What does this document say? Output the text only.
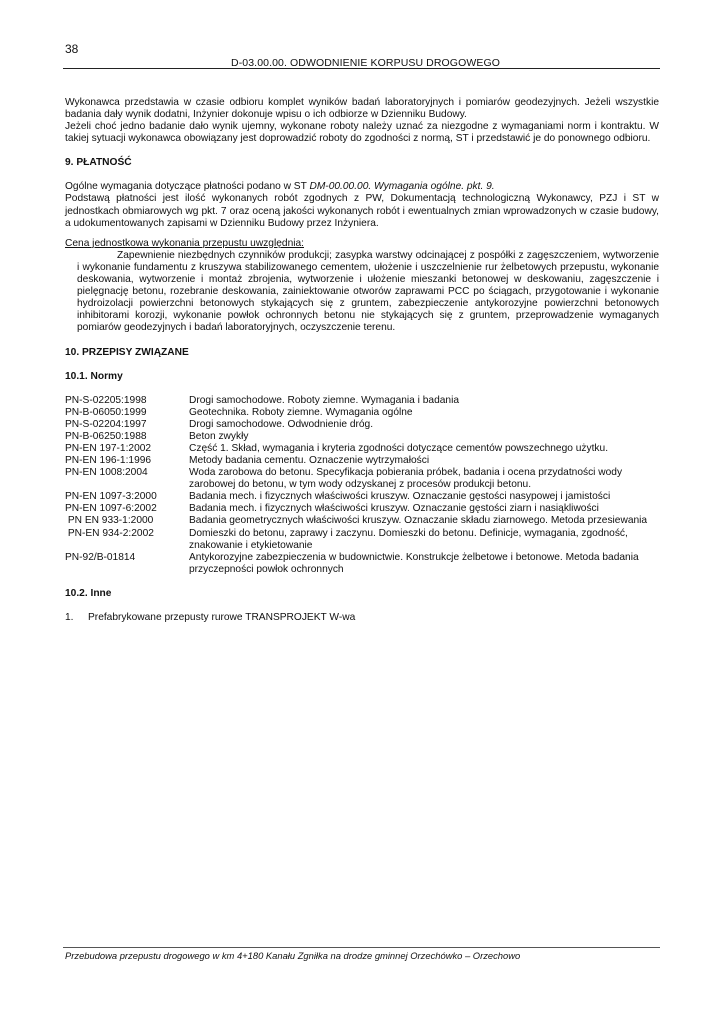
38
D-03.00.00. ODWODNIENIE KORPUSU DROGOWEGO

Wykonawca przedstawia w czasie odbioru komplet wyników badań laboratoryjnych i pomiarów geodezyjnych. Jeżeli wszystkie badania dały wynik dodatni, Inżynier dokonuje wpisu o ich odbiorze w Dzienniku Budowy.

Jeżeli choć jedno badanie dało wynik ujemny, wykonane roboty należy uznać za niezgodne z wymaganiami norm i kontraktu. W takiej sytuacji wykonawca obowiązany jest doprowadzić roboty do zgodności z normą, ST i przedstawić je do ponownego odbioru.

9. PŁATNOŚĆ

Ogólne wymagania dotyczące płatności podano w ST DM-00.00.00. Wymagania ogólne. pkt. 9.

Podstawą płatności jest ilość wykonanych robót zgodnych z PW, Dokumentacją technologiczną Wykonawcy, PZJ i ST w jednostkach obmiarowych wg pkt. 7 oraz oceną jakości wykonanych robót i ewentualnych zmian wprowadzonych w czasie budowy, a udokumentowanych zapisami w Dzienniku Budowy przez Inżyniera.

Cena jednostkowa wykonania przepustu uwzględnia:

Zapewnienie niezbędnych czynników produkcji; zasypka warstwy odcinającej z pospółki z zagęszczeniem, wytworzenie i wykonanie fundamentu z kruszywa stabilizowanego cementem, ułożenie i uszczelnienie rur żelbetowych przepustu, wykonanie deskowania, wytworzenie i montaż zbrojenia, wytworzenie i ułożenie mieszanki betonowej w deskowaniu, zagęszczenie i pielęgnację betonu, rozebranie deskowania, zainiektowanie otworów zaprawami PCC po ściągach, przygotowanie i wykonanie hydroizolacji powierzchni betonowych stykających się z gruntem, zabezpieczenie antykorozyjne powierzchni betonowych inhibitorami korozji, wykonanie powłok ochronnych betonu nie stykających się z gruntem, przeprowadzenie wymaganych pomiarów geodezyjnych i badań laboratoryjnych, oczyszczenie terenu.

10. PRZEPISY ZWIĄZANE
10.1. Normy
PN-S-02205:1998	Drogi samochodowe. Roboty ziemne. Wymagania i badania
PN-B-06050:1999	Geotechnika. Roboty ziemne. Wymagania ogólne
PN-S-02204:1997	Drogi samochodowe. Odwodnienie dróg.
PN-B-06250:1988	Beton zwykły
PN-EN 197-1:2002	Część 1. Skład, wymagania i kryteria zgodności dotyczące cementów powszechnego użytku.
PN-EN 196-1:1996	Metody badania cementu. Oznaczenie wytrzymałości
PN-EN 1008:2004	Woda zarobowa do betonu. Specyfikacja pobierania próbek, badania i ocena przydatności wody zarobowej do betonu, w tym wody odzyskanej z procesów produkcji betonu.
PN-EN 1097-3:2000	Badania mech. i fizycznych właściwości kruszyw. Oznaczanie gęstości nasypowej i jamistości
PN-EN 1097-6:2002	Badania mech. i fizycznych właściwości kruszyw. Oznaczanie gęstości ziarn i nasiąkliwości
PN EN 933-1:2000	Badania geometrycznych właściwości kruszyw. Oznaczanie składu ziarnowego. Metoda przesiewania
PN-EN 934-2:2002	Domieszki do betonu, zaprawy i zaczynu. Domieszki do betonu. Definicje, wymagania, zgodność, znakowanie i etykietowanie
PN-92/B-01814	Antykorozyjne zabezpieczenia w budownictwie. Konstrukcje żelbetowe i betonowe. Metoda badania przyczepności powłok ochronnych
10.2. Inne
1.	Prefabrykowane przepusty rurowe TRANSPROJEKT W-wa
Przebudowa przepustu drogowego w km 4+180 Kanału Zgniłka na drodze gminnej Orzechówko – Orzechowo
